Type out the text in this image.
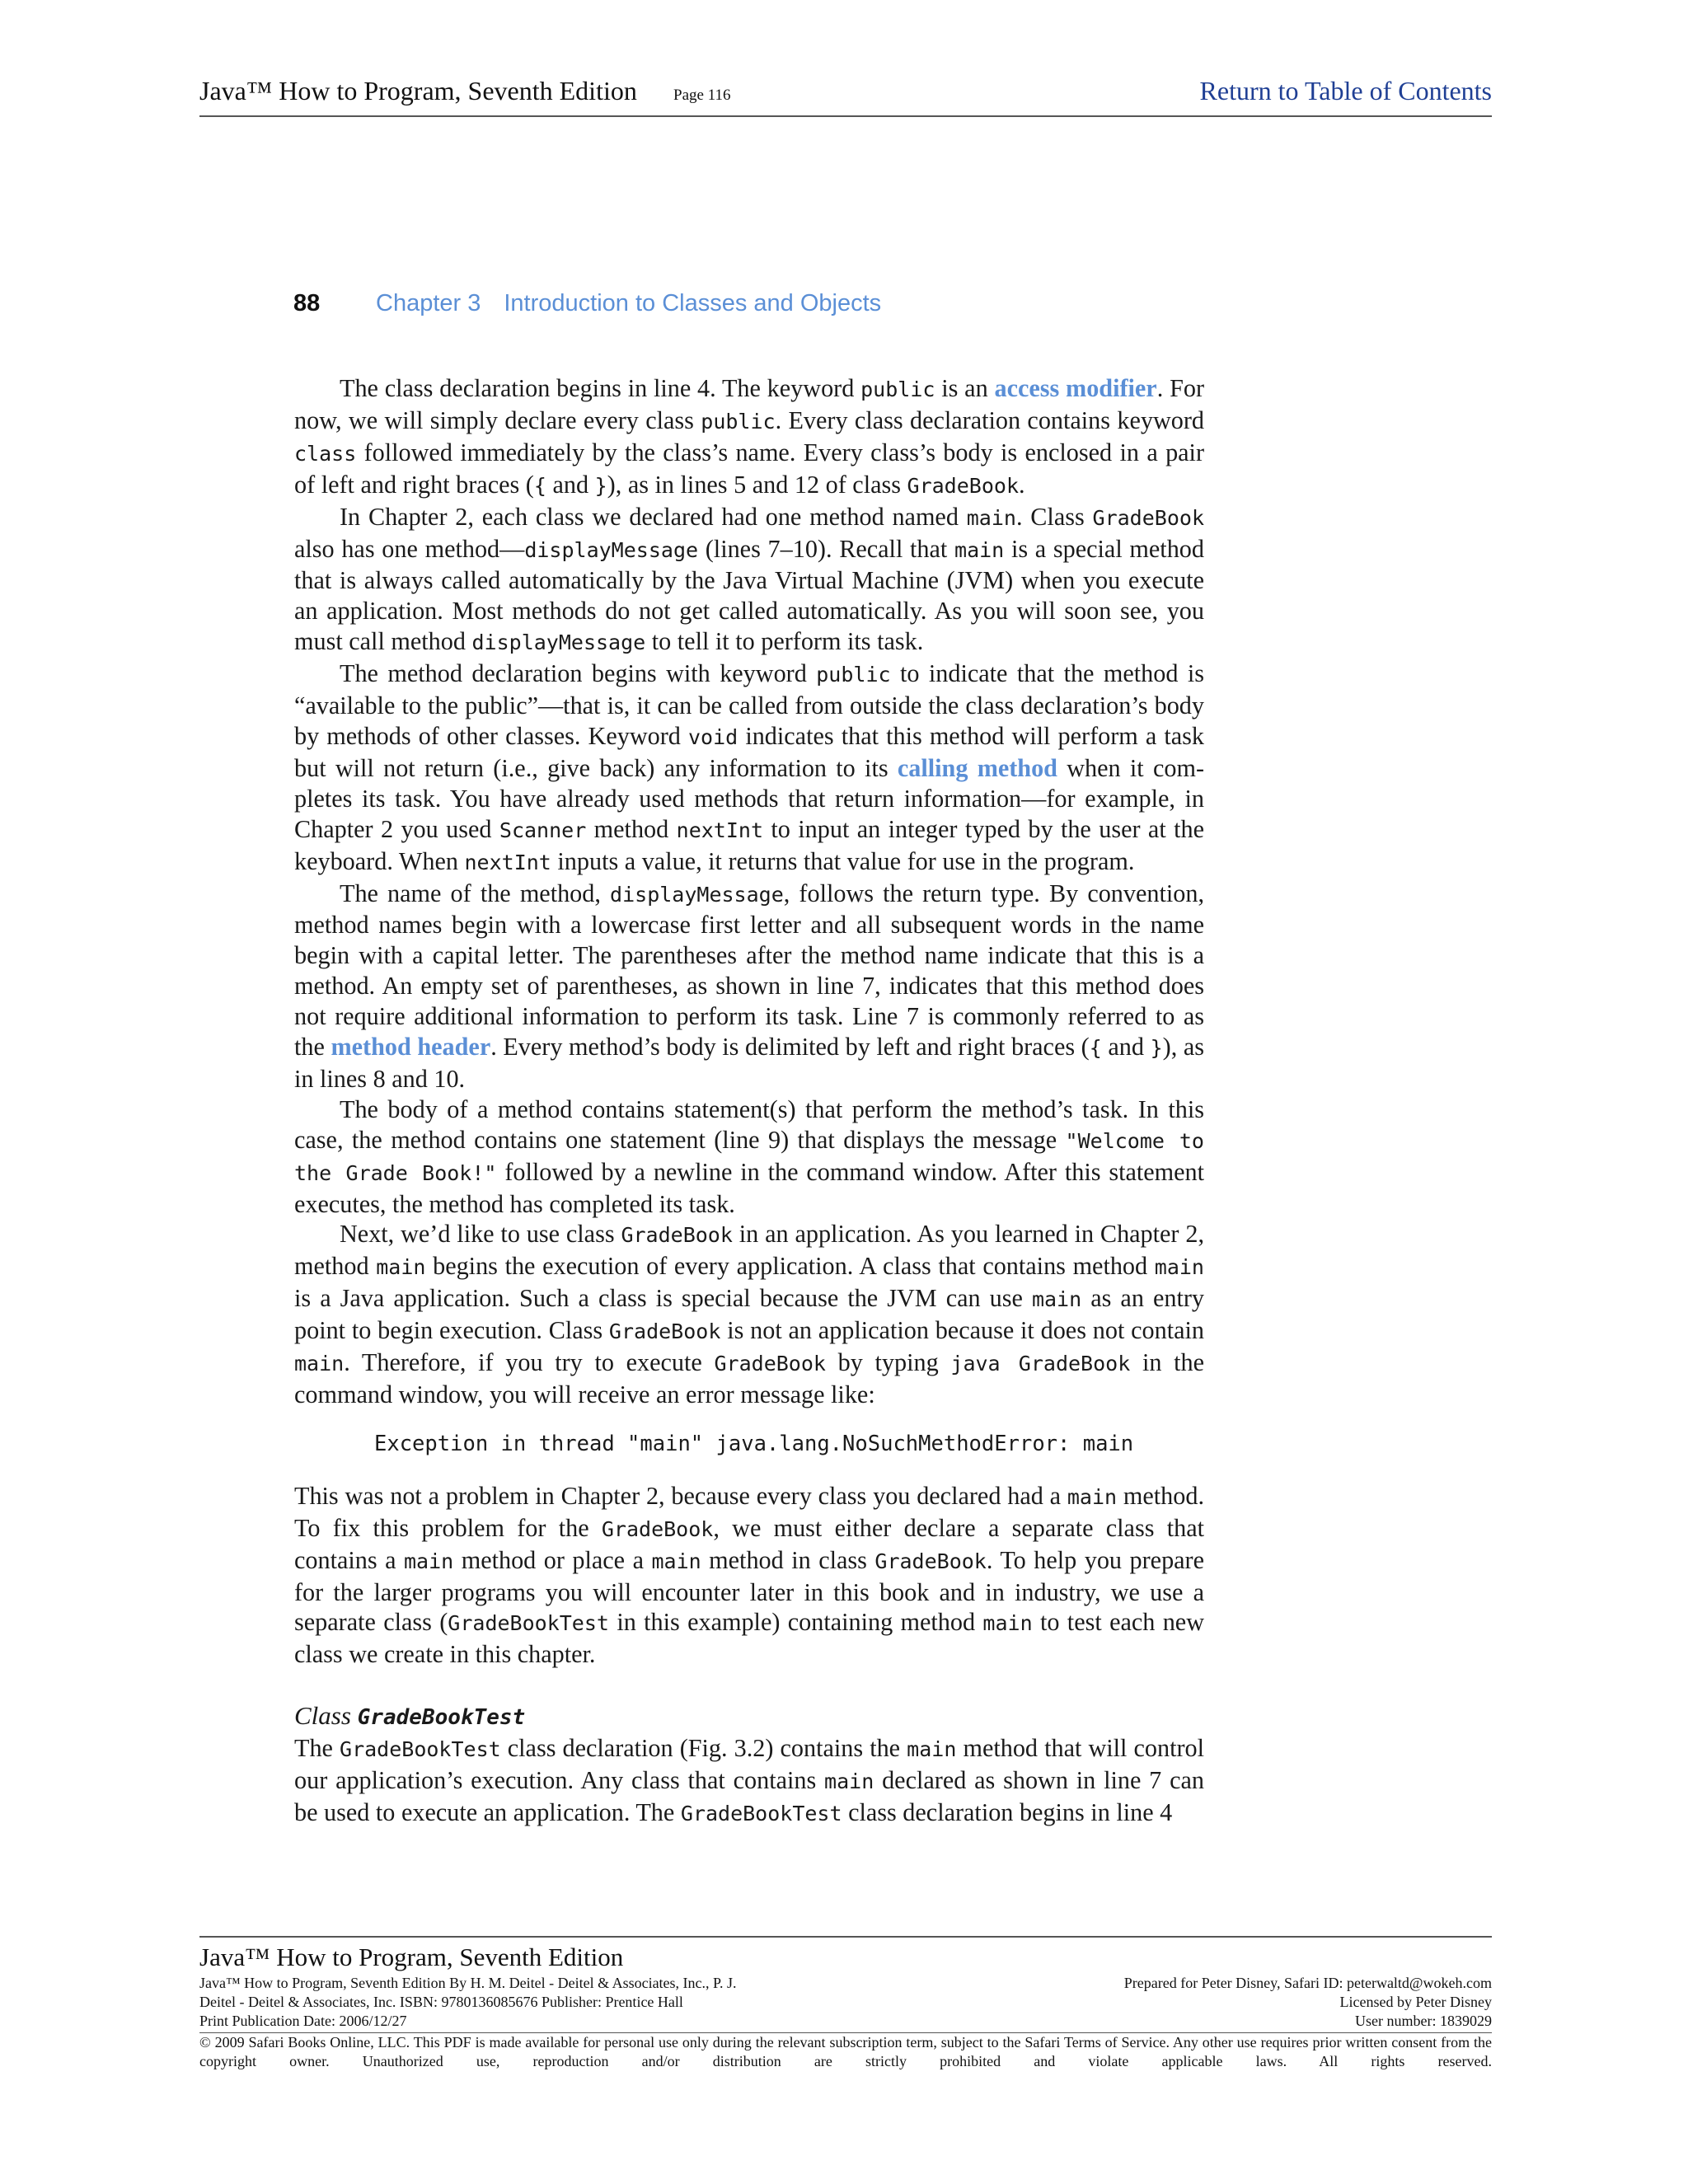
Java™ How to Program, Seventh Edition Page 116	Return to Table of Contents
88 Chapter 3 Introduction to Classes and Objects

The class declaration begins in line 4. The keyword public is an access modifier. For now, we will simply declare every class public. Every class declaration contains keyword class followed immediately by the class’s name. Every class’s body is enclosed in a pair of left and right braces ({ and }), as in lines 5 and 12 of class GradeBook.

In Chapter 2, each class we declared had one method named main. Class GradeBook also has one method—displayMessage (lines 7–10). Recall that main is a special method that is always called automatically by the Java Virtual Machine (JVM) when you execute an application. Most methods do not get called automatically. As you will soon see, you must call method displayMessage to tell it to perform its task.

The method declaration begins with keyword public to indicate that the method is “available to the public”—that is, it can be called from outside the class declaration’s body by methods of other classes. Keyword void indicates that this method will perform a task but will not return (i.e., give back) any information to its calling method when it completes its task. You have already used methods that return information—for example, in Chapter 2 you used Scanner method nextInt to input an integer typed by the user at the keyboard. When nextInt inputs a value, it returns that value for use in the program.

The name of the method, displayMessage, follows the return type. By convention, method names begin with a lowercase first letter and all subsequent words in the name begin with a capital letter. The parentheses after the method name indicate that this is a method. An empty set of parentheses, as shown in line 7, indicates that this method does not require additional information to perform its task. Line 7 is commonly referred to as the method header. Every method’s body is delimited by left and right braces ({ and }), as in lines 8 and 10.

The body of a method contains statement(s) that perform the method’s task. In this case, the method contains one statement (line 9) that displays the message "Welcome to the Grade Book!" followed by a newline in the command window. After this statement executes, the method has completed its task.

Next, we’d like to use class GradeBook in an application. As you learned in Chapter 2, method main begins the execution of every application. A class that contains method main is a Java application. Such a class is special because the JVM can use main as an entry point to begin execution. Class GradeBook is not an application because it does not contain main. Therefore, if you try to execute GradeBook by typing java GradeBook in the command window, you will receive an error message like:

Exception in thread "main" java.lang.NoSuchMethodError: main

This was not a problem in Chapter 2, because every class you declared had a main method. To fix this problem for the GradeBook, we must either declare a separate class that contains a main method or place a main method in class GradeBook. To help you prepare for the larger programs you will encounter later in this book and in industry, we use a separate class (GradeBookTest in this example) containing method main to test each new class we create in this chapter.

Class GradeBookTest

The GradeBookTest class declaration (Fig. 3.2) contains the main method that will control our application’s execution. Any class that contains main declared as shown in line 7 can be used to execute an application. The GradeBookTest class declaration begins in line 4

Java™ How to Program, Seventh Edition
Java™ How to Program, Seventh Edition By H. M. Deitel - Deitel & Associates, Inc., P. J.	Prepared for Peter Disney, Safari ID: peterwaltd@wokeh.com
Deitel - Deitel & Associates, Inc. ISBN: 9780136085676 Publisher: Prentice Hall	Licensed by Peter Disney
Print Publication Date: 2006/12/27	User number: 1839029
© 2009 Safari Books Online, LLC. This PDF is made available for personal use only during the relevant subscription term, subject to the Safari Terms of Service. Any other use requires prior written consent from the copyright owner. Unauthorized use, reproduction and/or distribution are strictly prohibited and violate applicable laws. All rights reserved.
